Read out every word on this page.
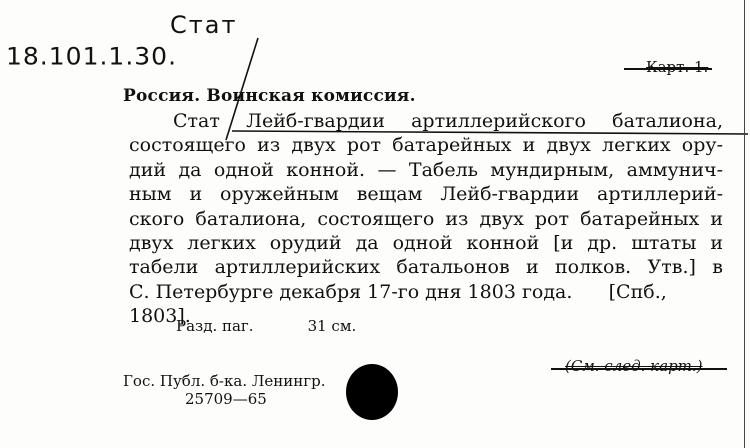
18.101.1.30.
Стат
Карт. 1.
Россия. Воинская комиссия.
Стат Лейб-гвардии артиллерийского баталиона,
состоящего из двух рот батарейных и двух легких ору-
дий да одной конной. — Табель мундирным, аммунич-
ным и оружейным вещам Лейб-гвардии артиллерий-
ского баталиона, состоящего из двух рот батарейных и
двух легких орудий да одной конной [и др. штаты и
табели артиллерийских батальонов и полков. Утв.] в
С. Петербурге декабря 17-го дня 1803 года.      [Спб.,
1803].
Разд. паг.	31 см.
(См. след. карт.)
Гос. Публ. б-ка. Ленингр.
25709—65
